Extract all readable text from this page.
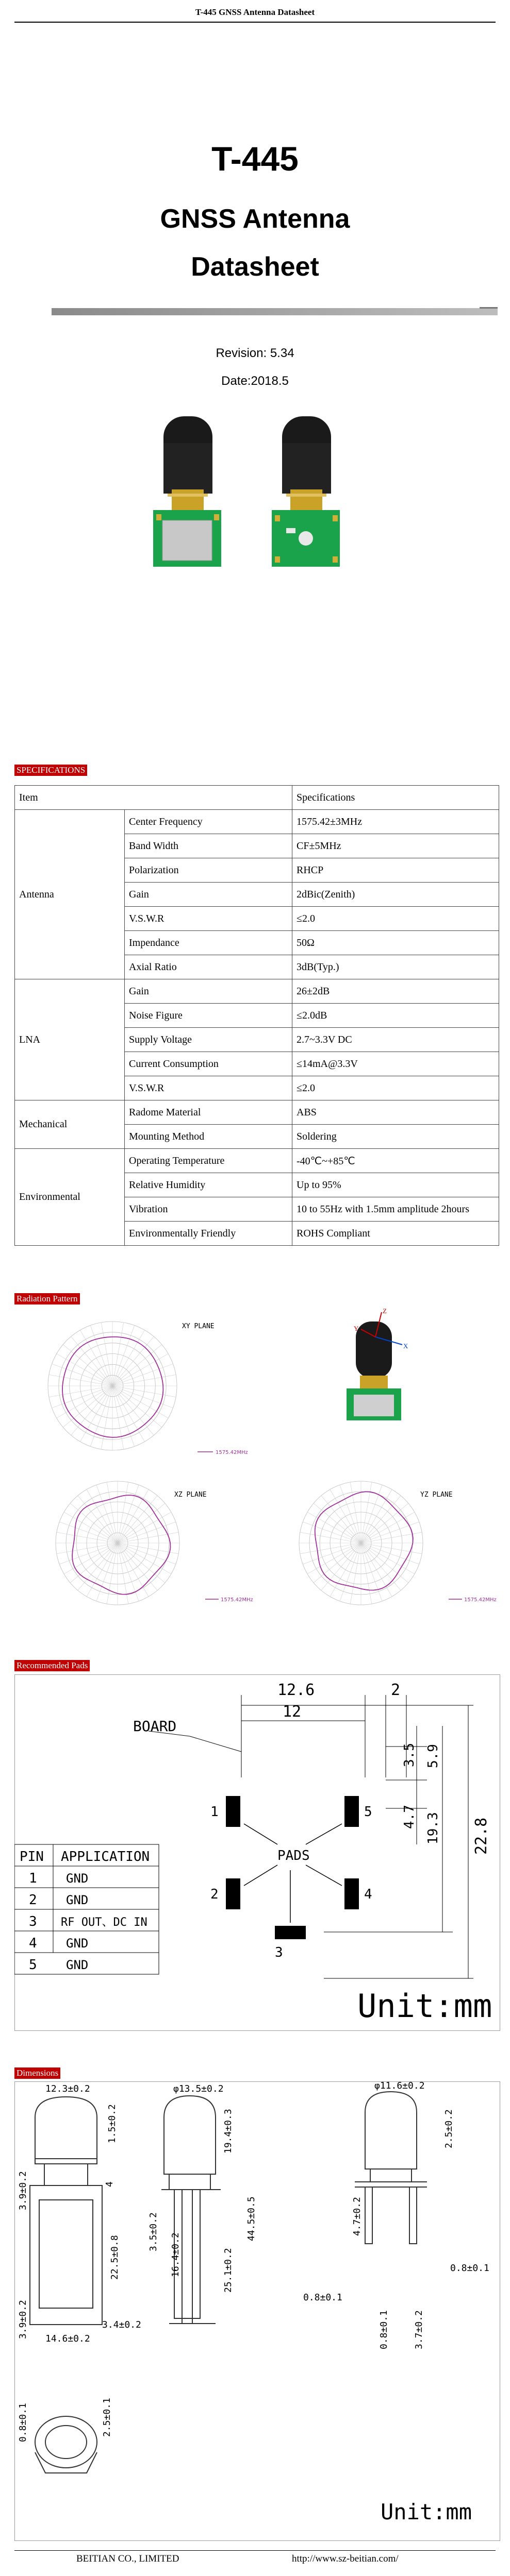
T-445 GNSS Antenna Datasheet
T-445
GNSS Antenna
Datasheet
Revision: 5.34
Date:2018.5
SPECIFICATIONS
Item		Specifications
Antenna	Center Frequency	1575.42±3MHz
	Band Width	CF±5MHz
	Polarization	RHCP
	Gain	2dBic(Zenith)
	V.S.W.R	≤2.0
	Impendance	50Ω
	Axial Ratio	3dB(Typ.)
LNA	Gain	26±2dB
	Noise Figure	≤2.0dB
	Supply Voltage	2.7~3.3V DC
	Current Consumption	≤14mA@3.3V
	V.S.W.R	≤2.0
Mechanical	Radome Material	ABS
	Mounting Method	Soldering
Environmental	Operating Temperature	-40℃~+85℃
	Relative Humidity	Up to 95%
	Vibration	10 to 55Hz with 1.5mm amplitude 2hours
	Environmentally Friendly	ROHS Compliant
Radiation Pattern
XY PLANE
1575.42MHz
Z
Y
X
XZ PLANE
1575.42MHz
YZ PLANE
1575.42MHz
Recommended Pads
BOARD
12.6
12
2
3.5 5.9
4.7 19.3 22.8
PADS
1
2
3
4
5
PIN APPLICATION
1 GND
2 GND
3 RF OUT、DC IN
4 GND
5 GND
Unit:mm
Dimensions
12.3±0.2
1.5±0.2
3.9±0.2	4
22.5±0.8
3.9±0.2 14.6±0.2
3.4±0.2
φ13.5±0.2
19.4±0.3
44.5±0.5
3.5±0.2
16.4±0.2	25.1±0.2
0.8±0.1
φ11.6±0.2
2.5±0.2
4.7±0.2
0.8±0.1
0.8±0.1	3.7±0.2
0.8±0.1	2.5±0.1
Unit:mm
BEITIAN CO., LIMITED	http://www.sz-beitian.com/
